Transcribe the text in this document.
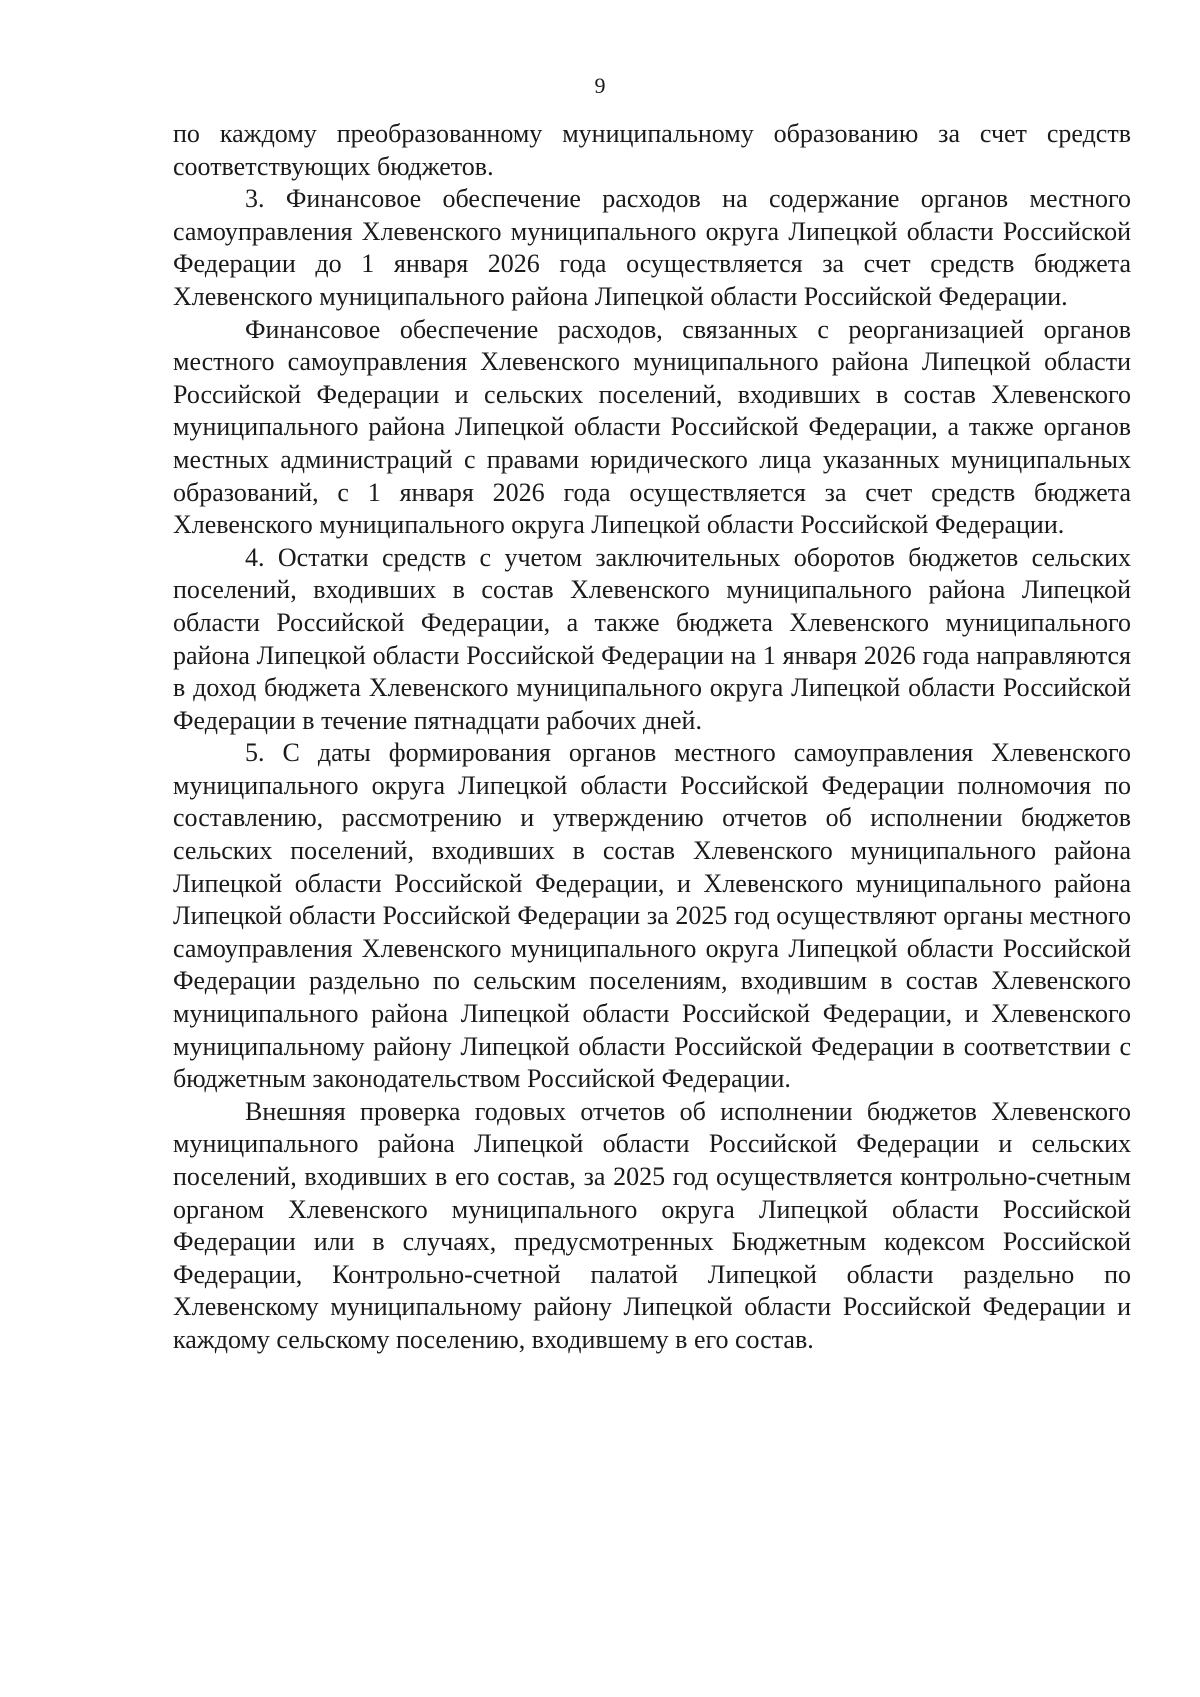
9

по каждому преобразованному муниципальному образованию за счет средств соответствующих бюджетов.

3. Финансовое обеспечение расходов на содержание органов местного самоуправления Хлевенского муниципального округа Липецкой области Российской Федерации до 1 января 2026 года осуществляется за счет средств бюджета Хлевенского муниципального района Липецкой области Российской Федерации.

Финансовое обеспечение расходов, связанных с реорганизацией органов местного самоуправления Хлевенского муниципального района Липецкой области Российской Федерации и сельских поселений, входивших в состав Хлевенского муниципального района Липецкой области Российской Федерации, а также органов местных администраций с правами юридического лица указанных муниципальных образований, с 1 января 2026 года осуществляется за счет средств бюджета Хлевенского муниципального округа Липецкой области Российской Федерации.

4. Остатки средств с учетом заключительных оборотов бюджетов сельских поселений, входивших в состав Хлевенского муниципального района Липецкой области Российской Федерации, а также бюджета Хлевенского муниципального района Липецкой области Российской Федерации на 1 января 2026 года направляются в доход бюджета Хлевенского муниципального округа Липецкой области Российской Федерации в течение пятнадцати рабочих дней.

5. С даты формирования органов местного самоуправления Хлевенского муниципального округа Липецкой области Российской Федерации полномочия по составлению, рассмотрению и утверждению отчетов об исполнении бюджетов сельских поселений, входивших в состав Хлевенского муниципального района Липецкой области Российской Федерации, и Хлевенского муниципального района Липецкой области Российской Федерации за 2025 год осуществляют органы местного самоуправления Хлевенского муниципального округа Липецкой области Российской Федерации раздельно по сельским поселениям, входившим в состав Хлевенского муниципального района Липецкой области Российской Федерации, и Хлевенского муниципальному району Липецкой области Российской Федерации в соответствии с бюджетным законодательством Российской Федерации.

Внешняя проверка годовых отчетов об исполнении бюджетов Хлевенского муниципального района Липецкой области Российской Федерации и сельских поселений, входивших в его состав, за 2025 год осуществляется контрольно-счетным органом Хлевенского муниципального округа Липецкой области Российской Федерации или в случаях, предусмотренных Бюджетным кодексом Российской Федерации, Контрольно-счетной палатой Липецкой области раздельно по Хлевенскому муниципальному району Липецкой области Российской Федерации и каждому сельскому поселению, входившему в его состав.
